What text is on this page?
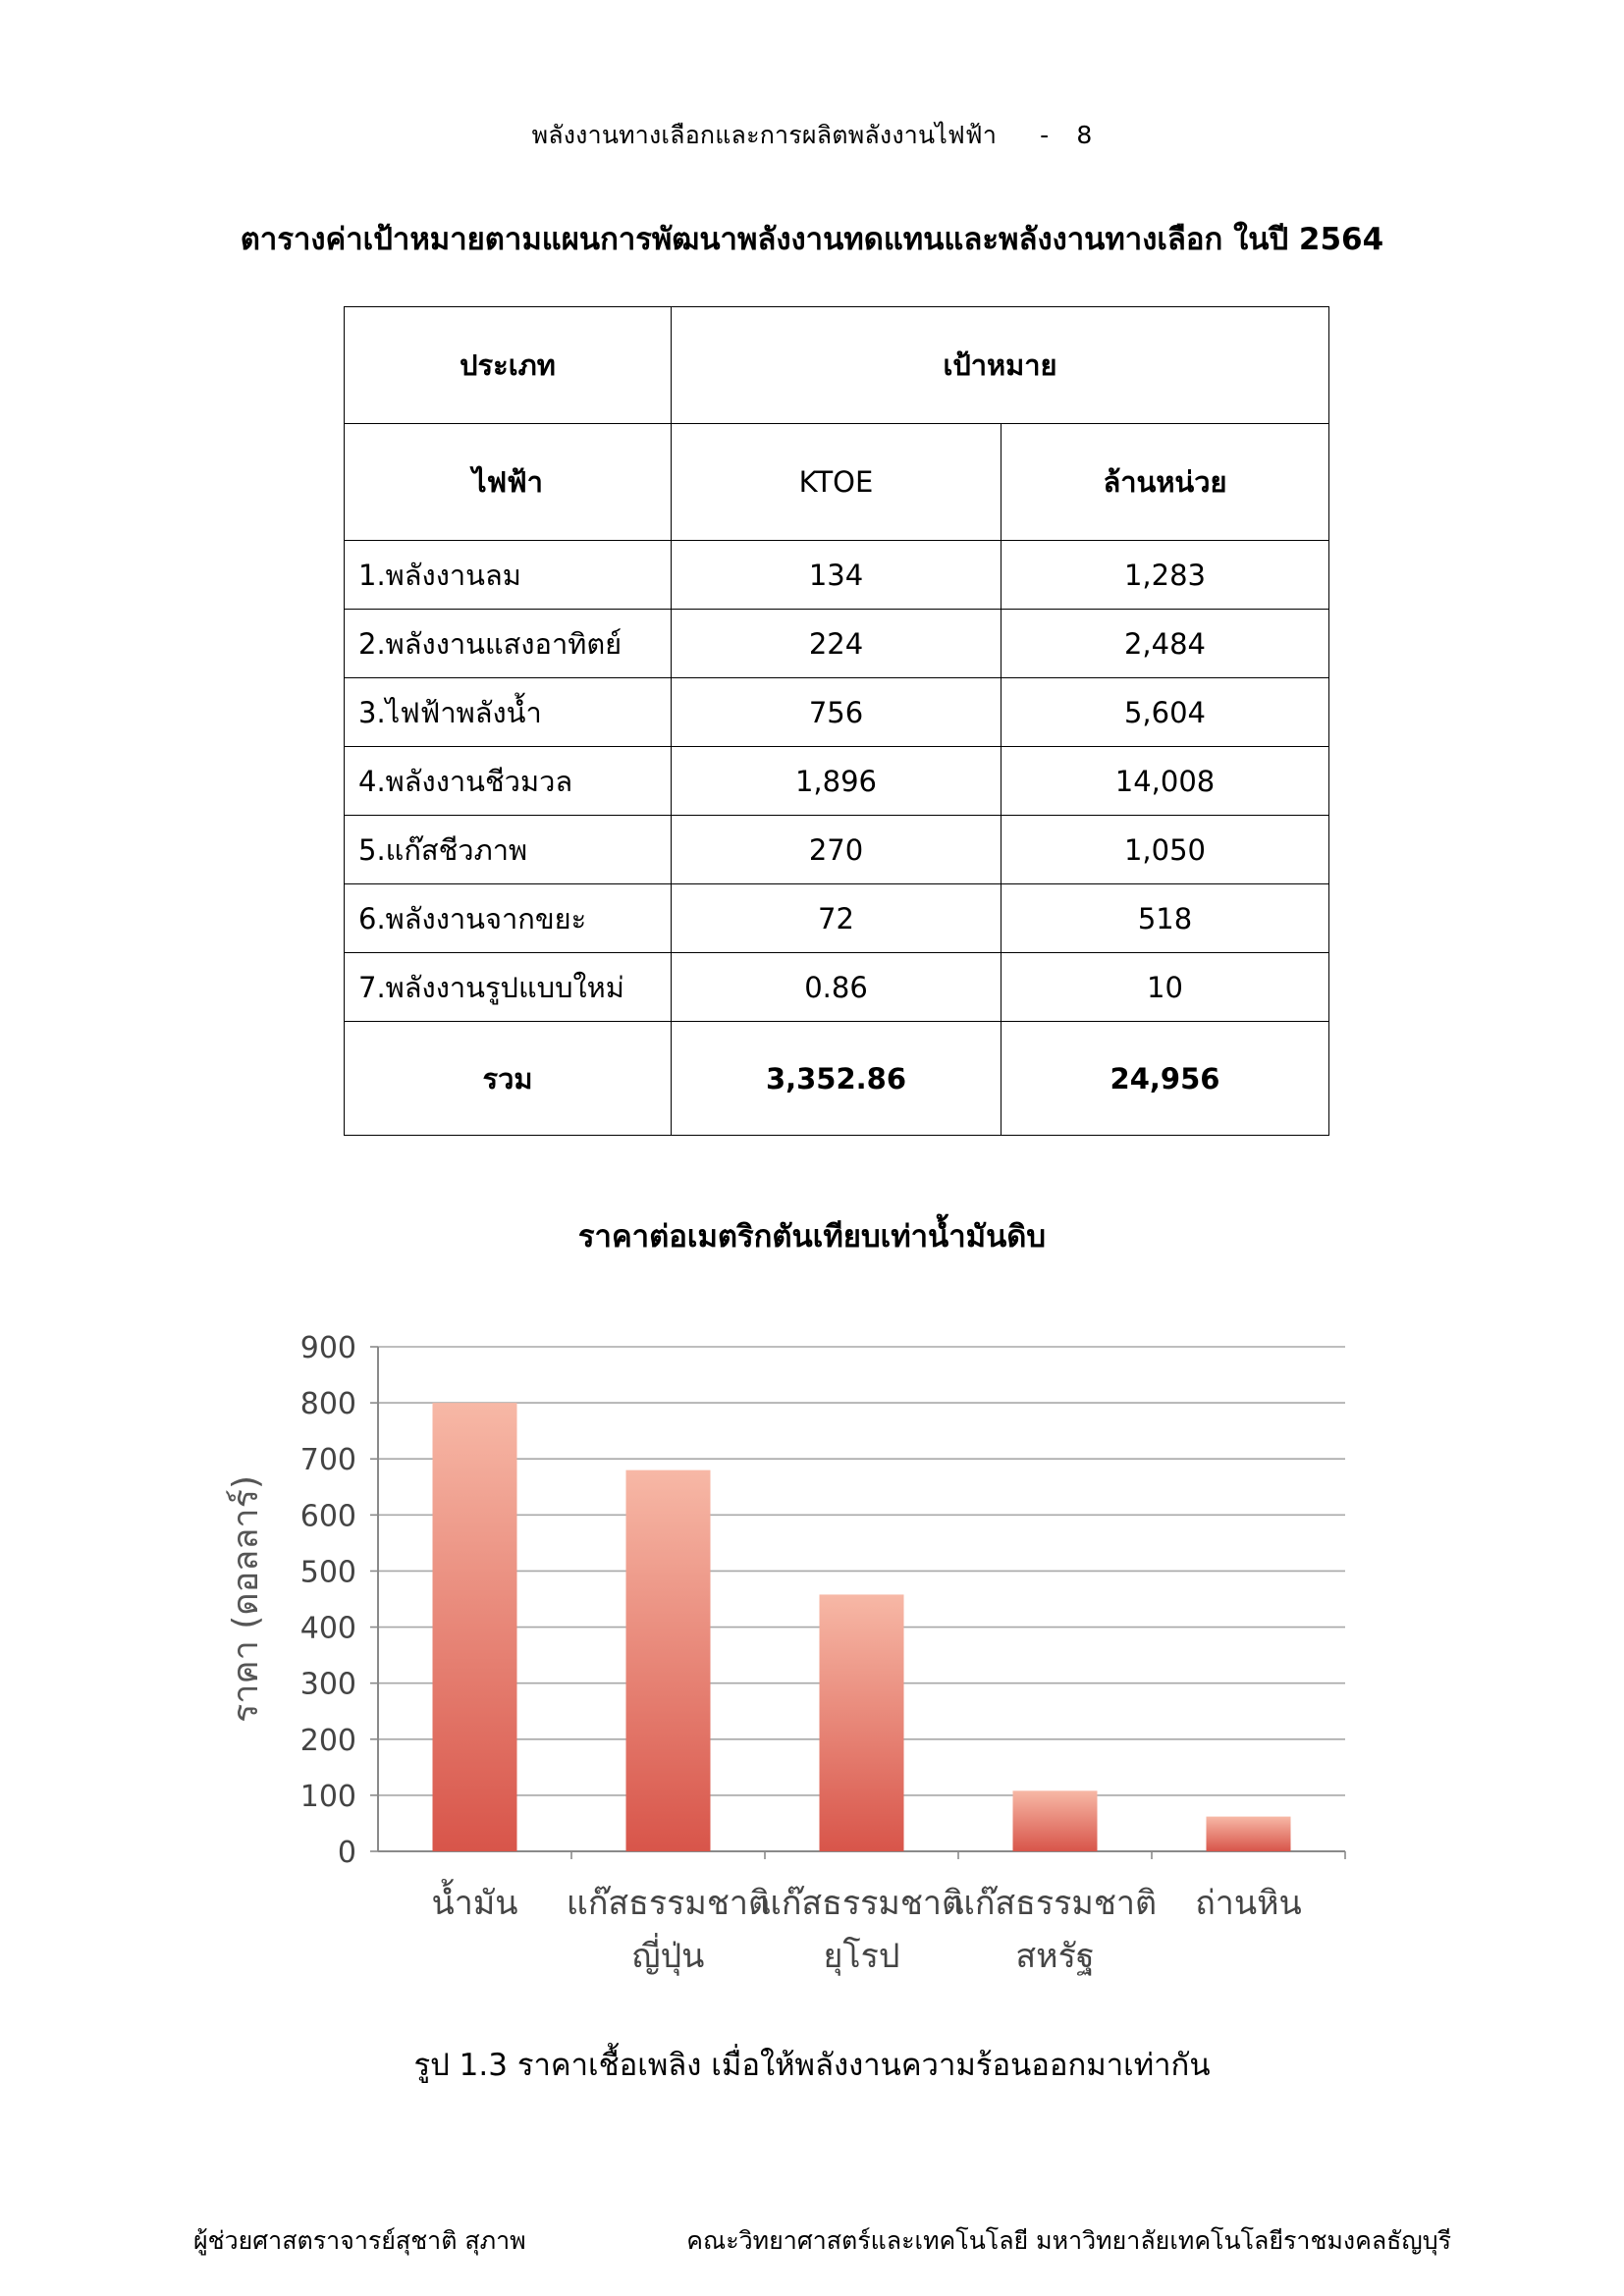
พลังงานทางเลือกและการผลิตพลังงานไฟฟ้า - 8
ตารางค่าเป้าหมายตามแผนการพัฒนาพลังงานทดแทนและพลังงานทางเลือก ในปี 2564
ประเภท	เป้าหมาย	
ไฟฟ้า	KTOE	ล้านหน่วย
1.พลังงานลม	134	1,283
2.พลังงานแสงอาทิตย์	224	2,484
3.ไฟฟ้าพลังน้ำ	756	5,604
4.พลังงานชีวมวล	1,896	14,008
5.แก๊สชีวภาพ	270	1,050
6.พลังงานจากขยะ	72	518
7.พลังงานรูปแบบใหม่	0.86	10
รวม	3,352.86	24,956
ราคาต่อเมตริกตันเทียบเท่าน้ำมันดิบ
0
100
200
300
400
500
600
700
800
900
ราคา (ดอลลาร์)
น้ำมัน แก๊สธรรมชาติ
ญี่ปุ่น
แก๊สธรรมชาติ
ยุโรป
แก๊สธรรมชาติ
สหรัฐ
ถ่านหิน
รูป 1.3 ราคาเชื้อเพลิง เมื่อให้พลังงานความร้อนออกมาเท่ากัน
ผู้ช่วยศาสตราจารย์สุชาติ สุภาพ	คณะวิทยาศาสตร์และเทคโนโลยี มหาวิทยาลัยเทคโนโลยีราชมงคลธัญบุรี
